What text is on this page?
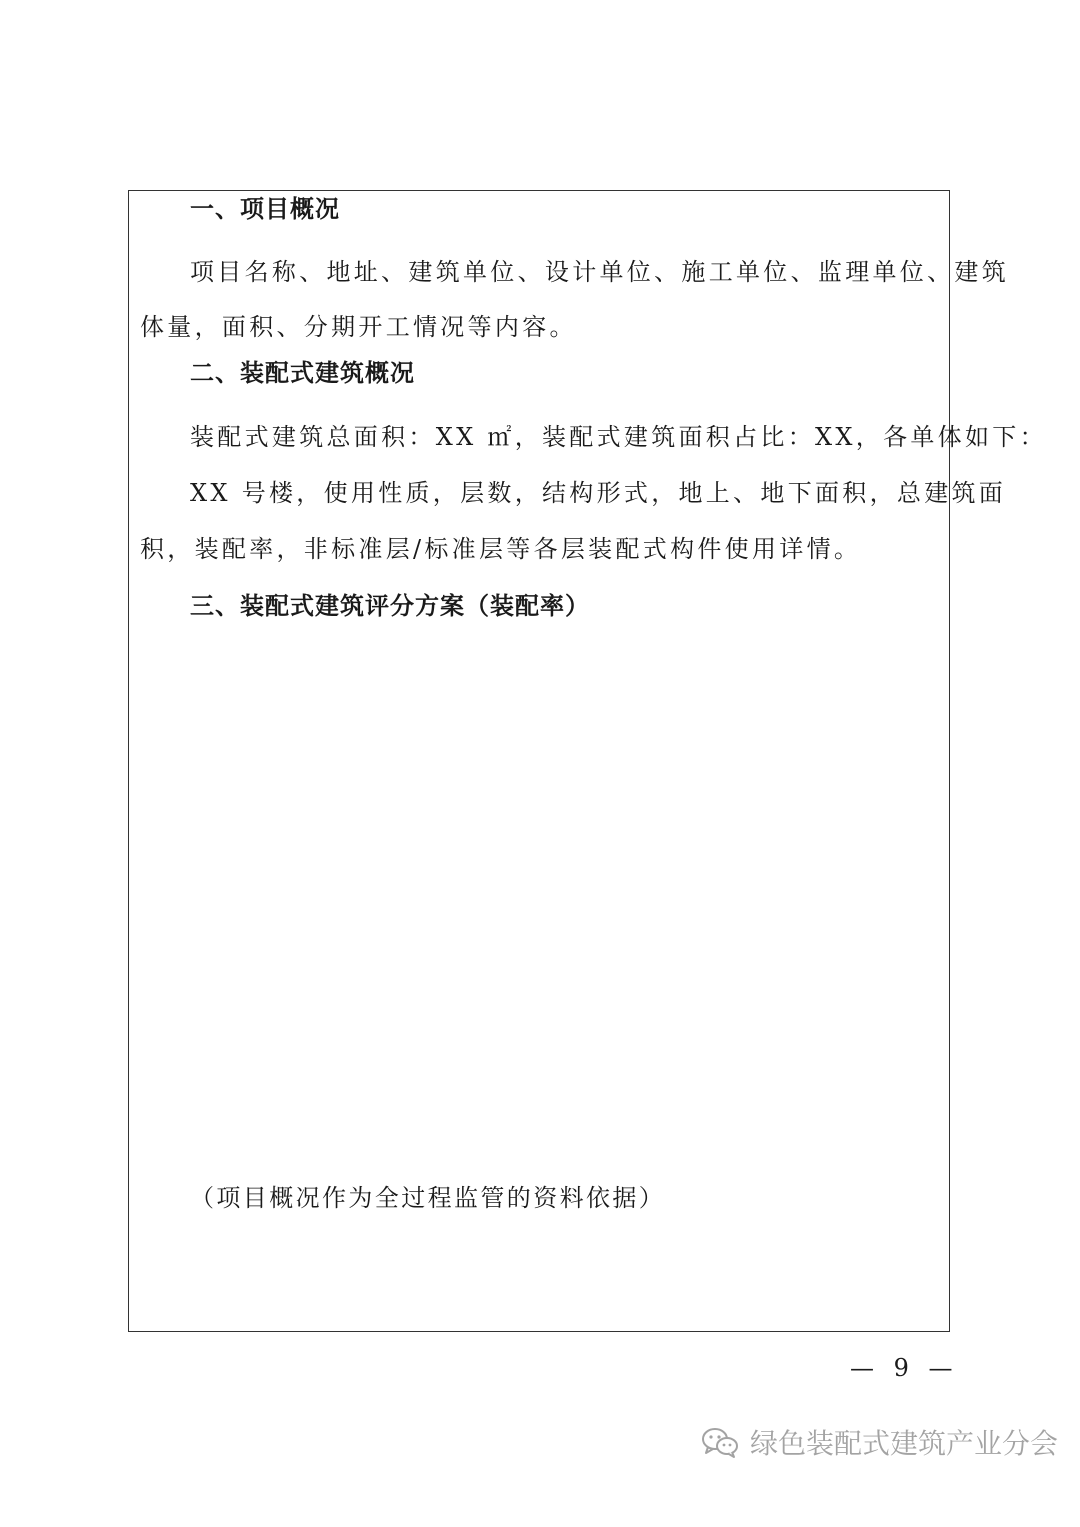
一、项目概况
项目名称、地址、建筑单位、设计单位、施工单位、监理单位、建筑
体量，面积、分期开工情况等内容。
二、装配式建筑概况
装配式建筑总面积：XX ㎡，装配式建筑面积占比：XX，各单体如下：
XX 号楼，使用性质，层数，结构形式，地上、地下面积，总建筑面
积，装配率，非标准层/标准层等各层装配式构件使用详情。
三、装配式建筑评分方案（装配率）
（项目概况作为全过程监管的资料依据）
— 9 —
绿色装配式建筑产业分会
